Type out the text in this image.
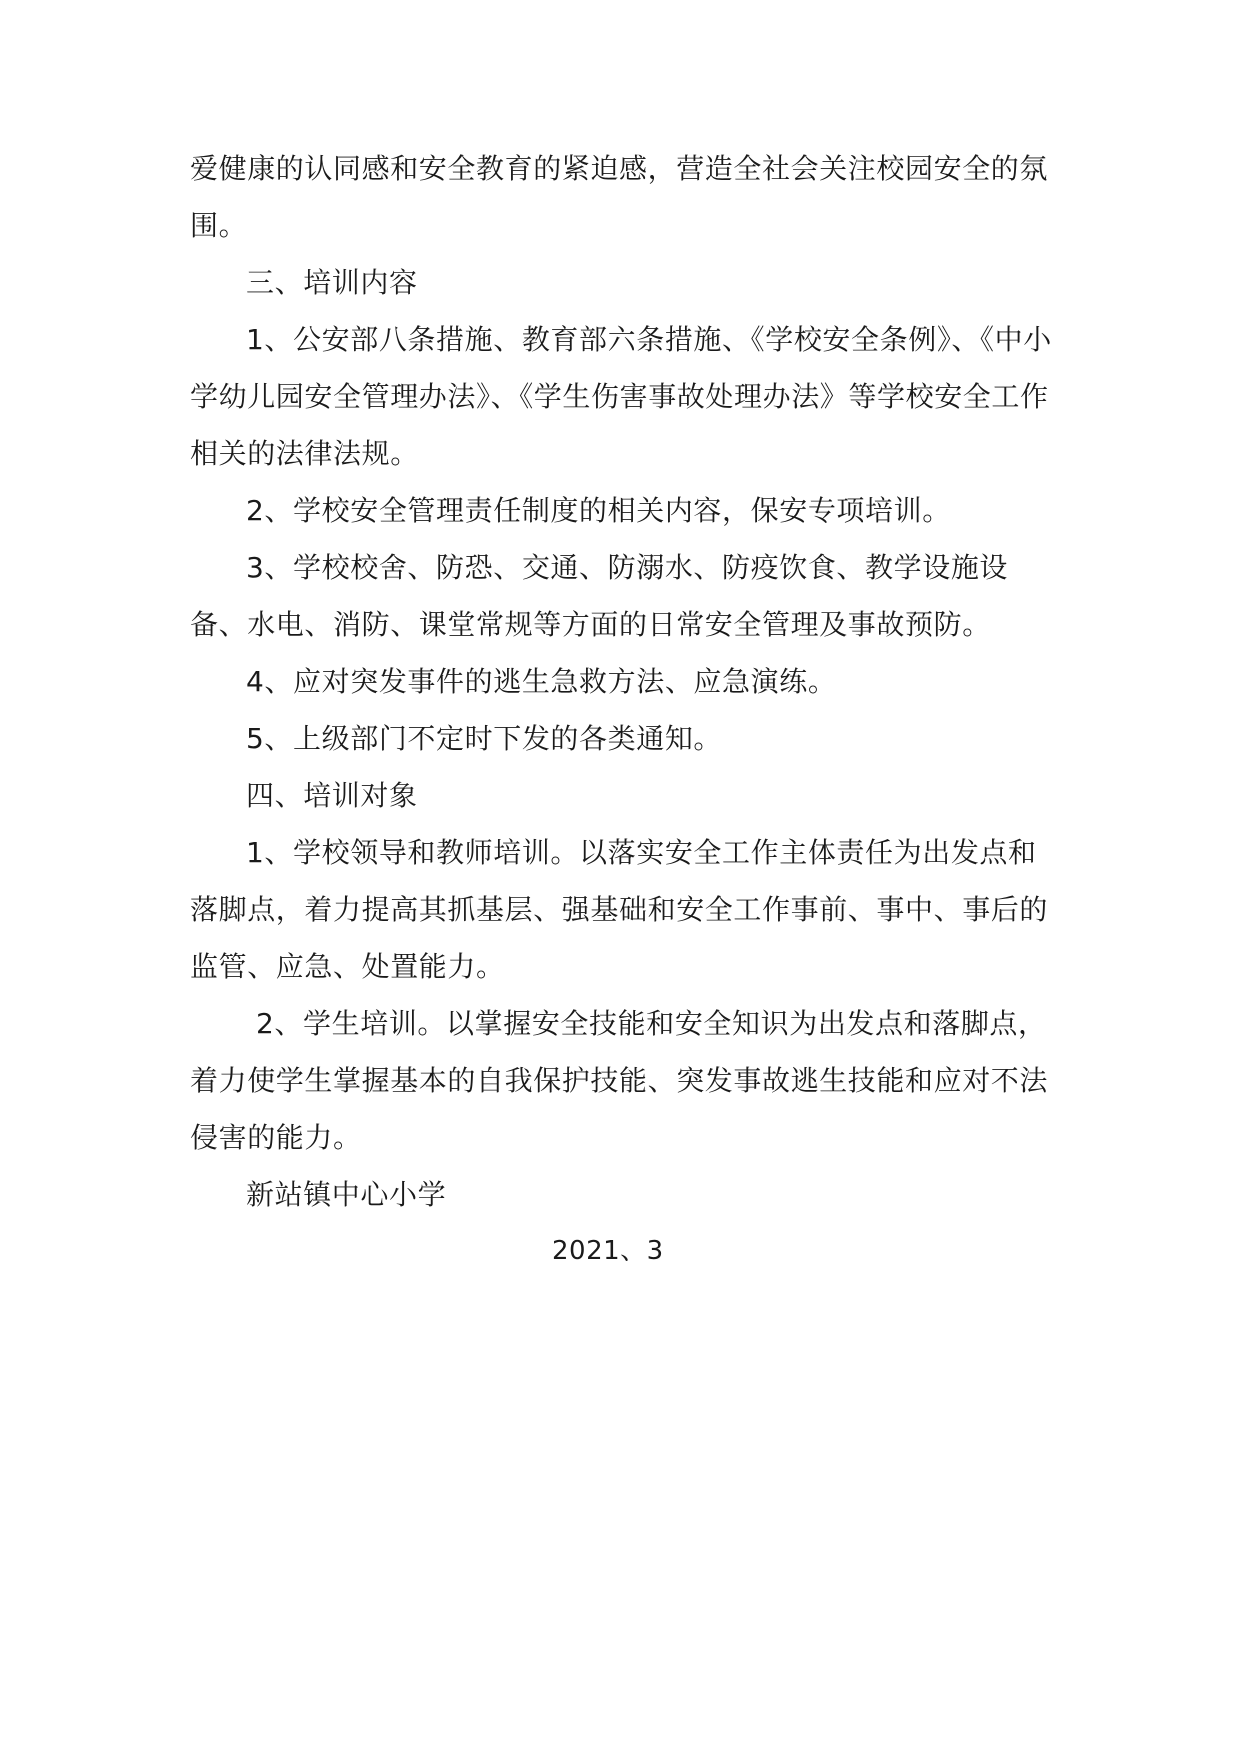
爱健康的认同感和安全教育的紧迫感，营造全社会关注校园安全的氛围。

三、培训内容

1、公安部八条措施、教育部六条措施、《学校安全条例》、《中小学幼儿园安全管理办法》、《学生伤害事故处理办法》等学校安全工作相关的法律法规。

2、学校安全管理责任制度的相关内容，保安专项培训。

3、学校校舍、防恐、交通、防溺水、防疫饮食、教学设施设备、水电、消防、课堂常规等方面的日常安全管理及事故预防。

4、应对突发事件的逃生急救方法、应急演练。

5、上级部门不定时下发的各类通知。

四、培训对象

1、学校领导和教师培训。以落实安全工作主体责任为出发点和落脚点，着力提高其抓基层、强基础和安全工作事前、事中、事后的监管、应急、处置能力。

2、学生培训。以掌握安全技能和安全知识为出发点和落脚点，着力使学生掌握基本的自我保护技能、突发事故逃生技能和应对不法侵害的能力。

新站镇中心小学

2021、3
